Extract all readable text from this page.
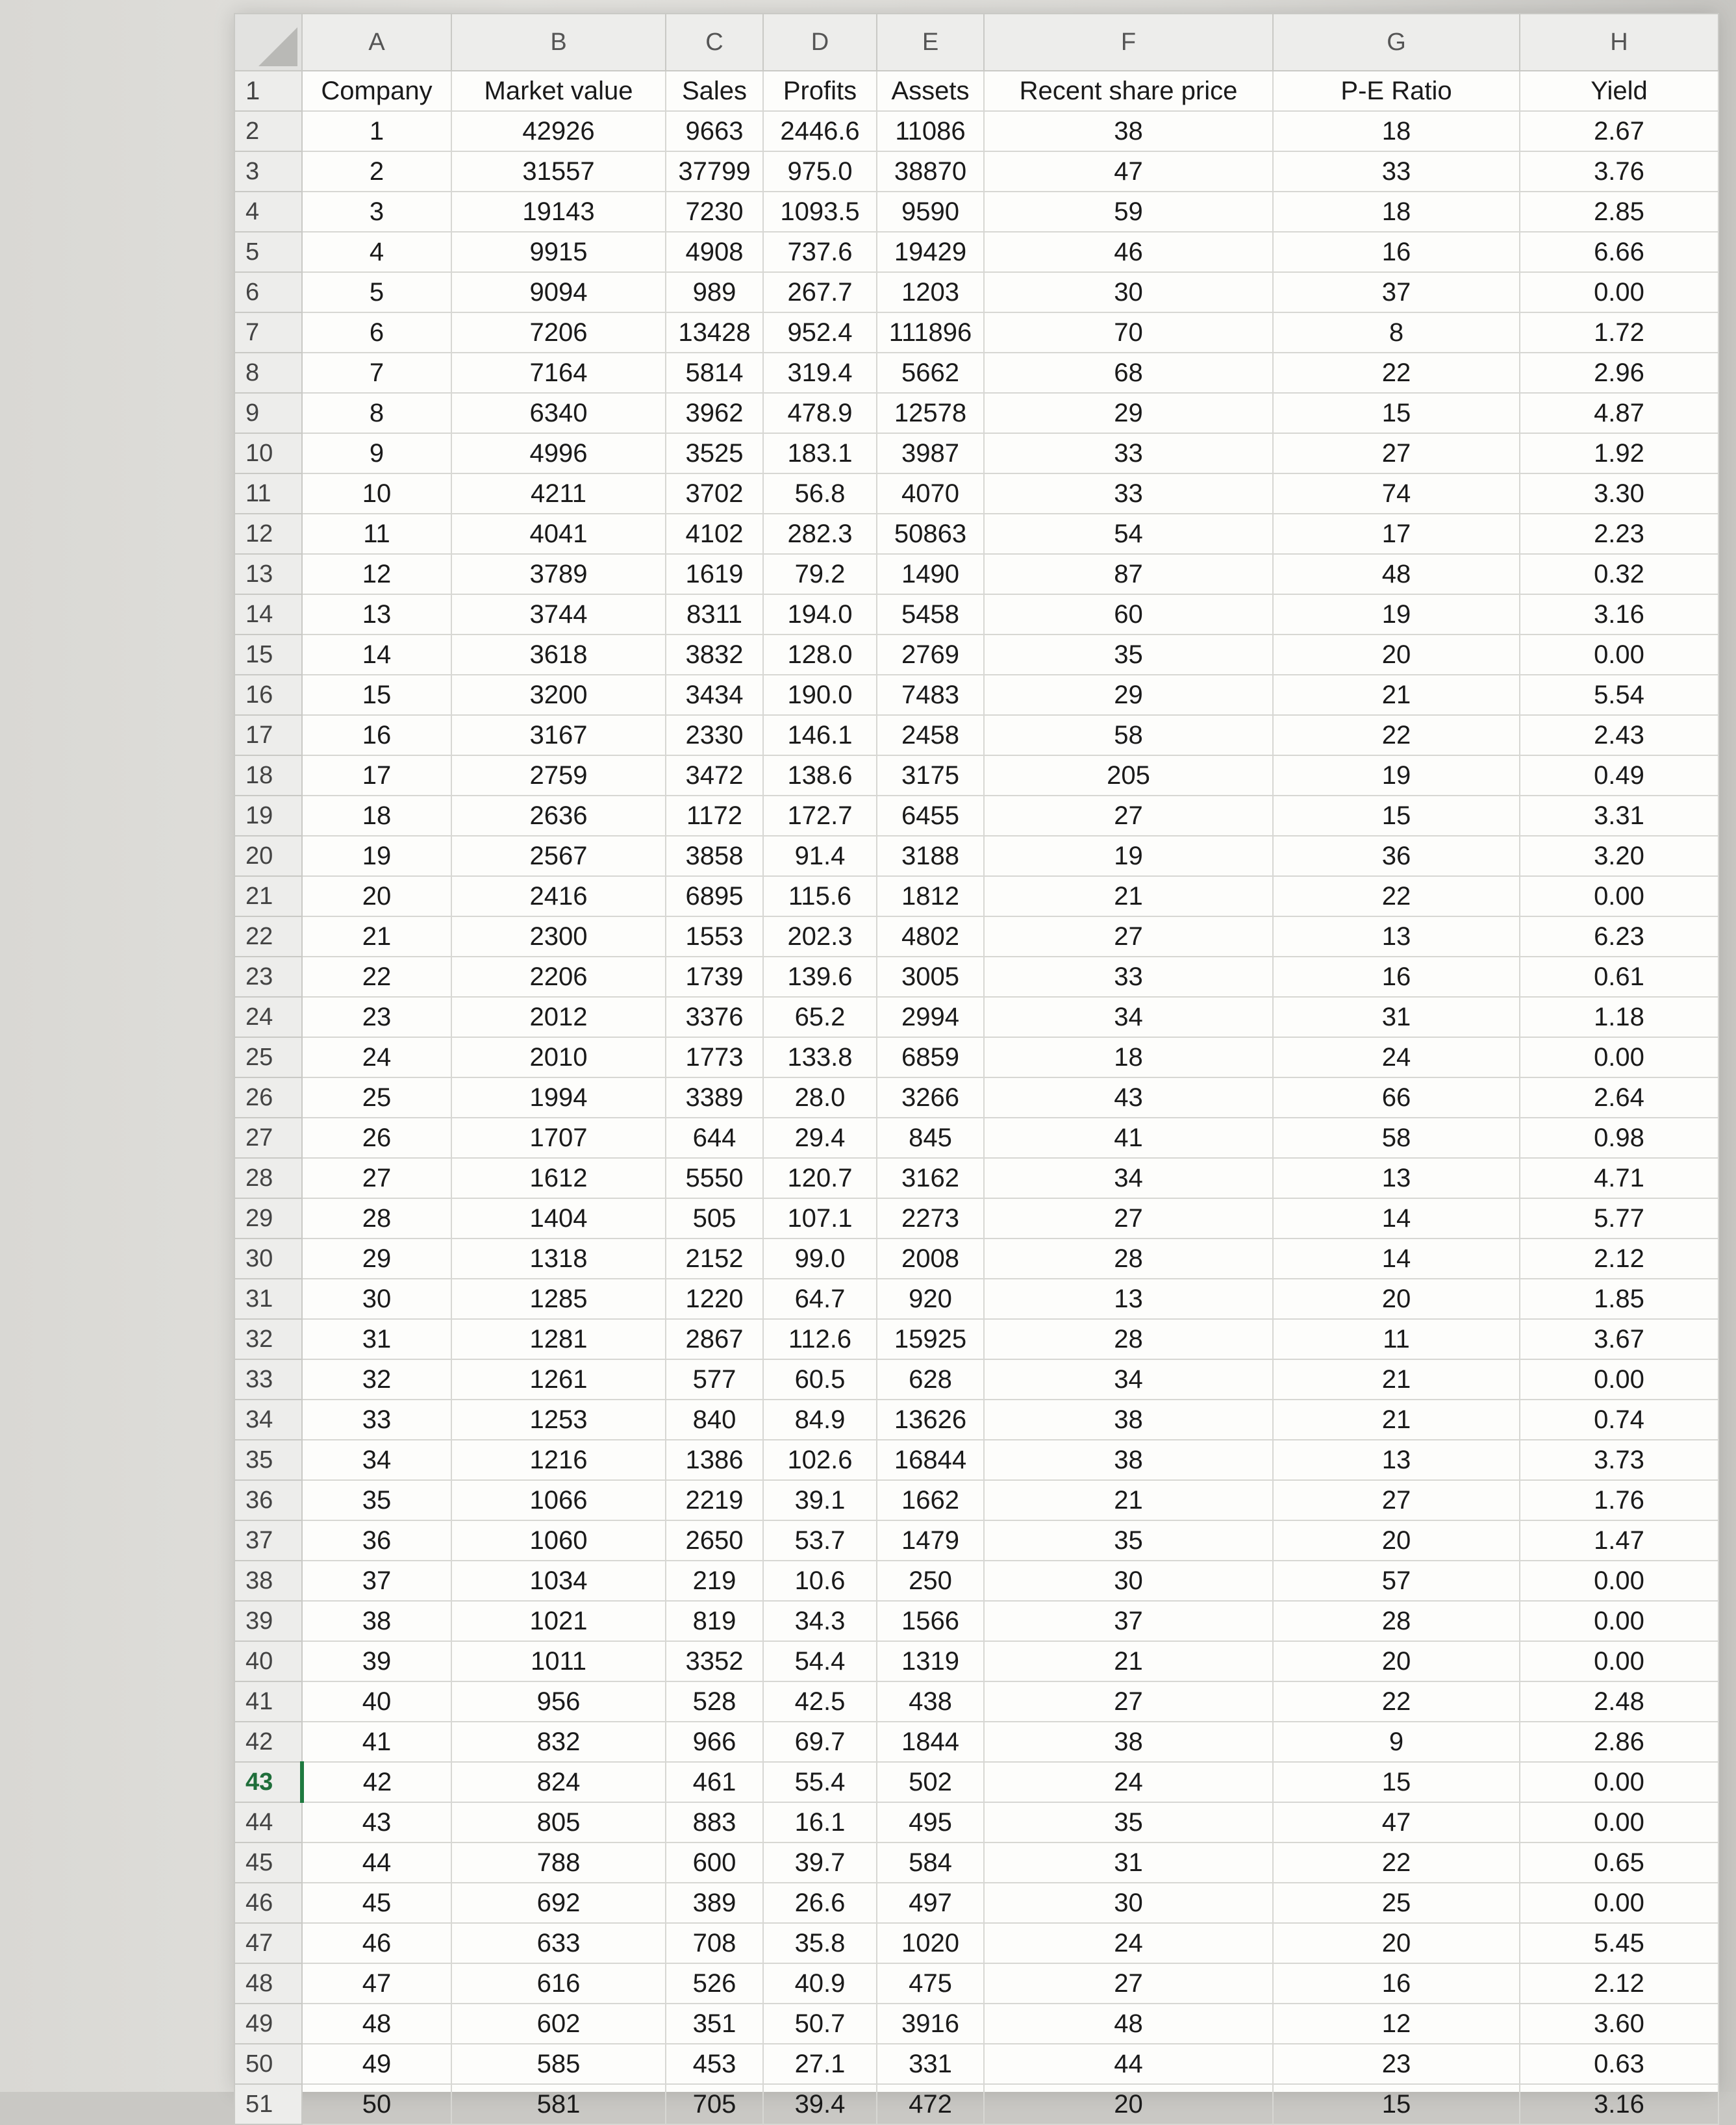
	A	B	C	D	E	F	G	H
1	Company	Market value	Sales	Profits	Assets	Recent share price	P-E Ratio	Yield
2	1	42926	9663	2446.6	11086	38	18	2.67
3	2	31557	37799	975.0	38870	47	33	3.76
4	3	19143	7230	1093.5	9590	59	18	2.85
5	4	9915	4908	737.6	19429	46	16	6.66
6	5	9094	989	267.7	1203	30	37	0.00
7	6	7206	13428	952.4	111896	70	8	1.72
8	7	7164	5814	319.4	5662	68	22	2.96
9	8	6340	3962	478.9	12578	29	15	4.87
10	9	4996	3525	183.1	3987	33	27	1.92
11	10	4211	3702	56.8	4070	33	74	3.30
12	11	4041	4102	282.3	50863	54	17	2.23
13	12	3789	1619	79.2	1490	87	48	0.32
14	13	3744	8311	194.0	5458	60	19	3.16
15	14	3618	3832	128.0	2769	35	20	0.00
16	15	3200	3434	190.0	7483	29	21	5.54
17	16	3167	2330	146.1	2458	58	22	2.43
18	17	2759	3472	138.6	3175	205	19	0.49
19	18	2636	1172	172.7	6455	27	15	3.31
20	19	2567	3858	91.4	3188	19	36	3.20
21	20	2416	6895	115.6	1812	21	22	0.00
22	21	2300	1553	202.3	4802	27	13	6.23
23	22	2206	1739	139.6	3005	33	16	0.61
24	23	2012	3376	65.2	2994	34	31	1.18
25	24	2010	1773	133.8	6859	18	24	0.00
26	25	1994	3389	28.0	3266	43	66	2.64
27	26	1707	644	29.4	845	41	58	0.98
28	27	1612	5550	120.7	3162	34	13	4.71
29	28	1404	505	107.1	2273	27	14	5.77
30	29	1318	2152	99.0	2008	28	14	2.12
31	30	1285	1220	64.7	920	13	20	1.85
32	31	1281	2867	112.6	15925	28	11	3.67
33	32	1261	577	60.5	628	34	21	0.00
34	33	1253	840	84.9	13626	38	21	0.74
35	34	1216	1386	102.6	16844	38	13	3.73
36	35	1066	2219	39.1	1662	21	27	1.76
37	36	1060	2650	53.7	1479	35	20	1.47
38	37	1034	219	10.6	250	30	57	0.00
39	38	1021	819	34.3	1566	37	28	0.00
40	39	1011	3352	54.4	1319	21	20	0.00
41	40	956	528	42.5	438	27	22	2.48
42	41	832	966	69.7	1844	38	9	2.86
43	42	824	461	55.4	502	24	15	0.00
44	43	805	883	16.1	495	35	47	0.00
45	44	788	600	39.7	584	31	22	0.65
46	45	692	389	26.6	497	30	25	0.00
47	46	633	708	35.8	1020	24	20	5.45
48	47	616	526	40.9	475	27	16	2.12
49	48	602	351	50.7	3916	48	12	3.60
50	49	585	453	27.1	331	44	23	0.63
51	50	581	705	39.4	472	20	15	3.16
